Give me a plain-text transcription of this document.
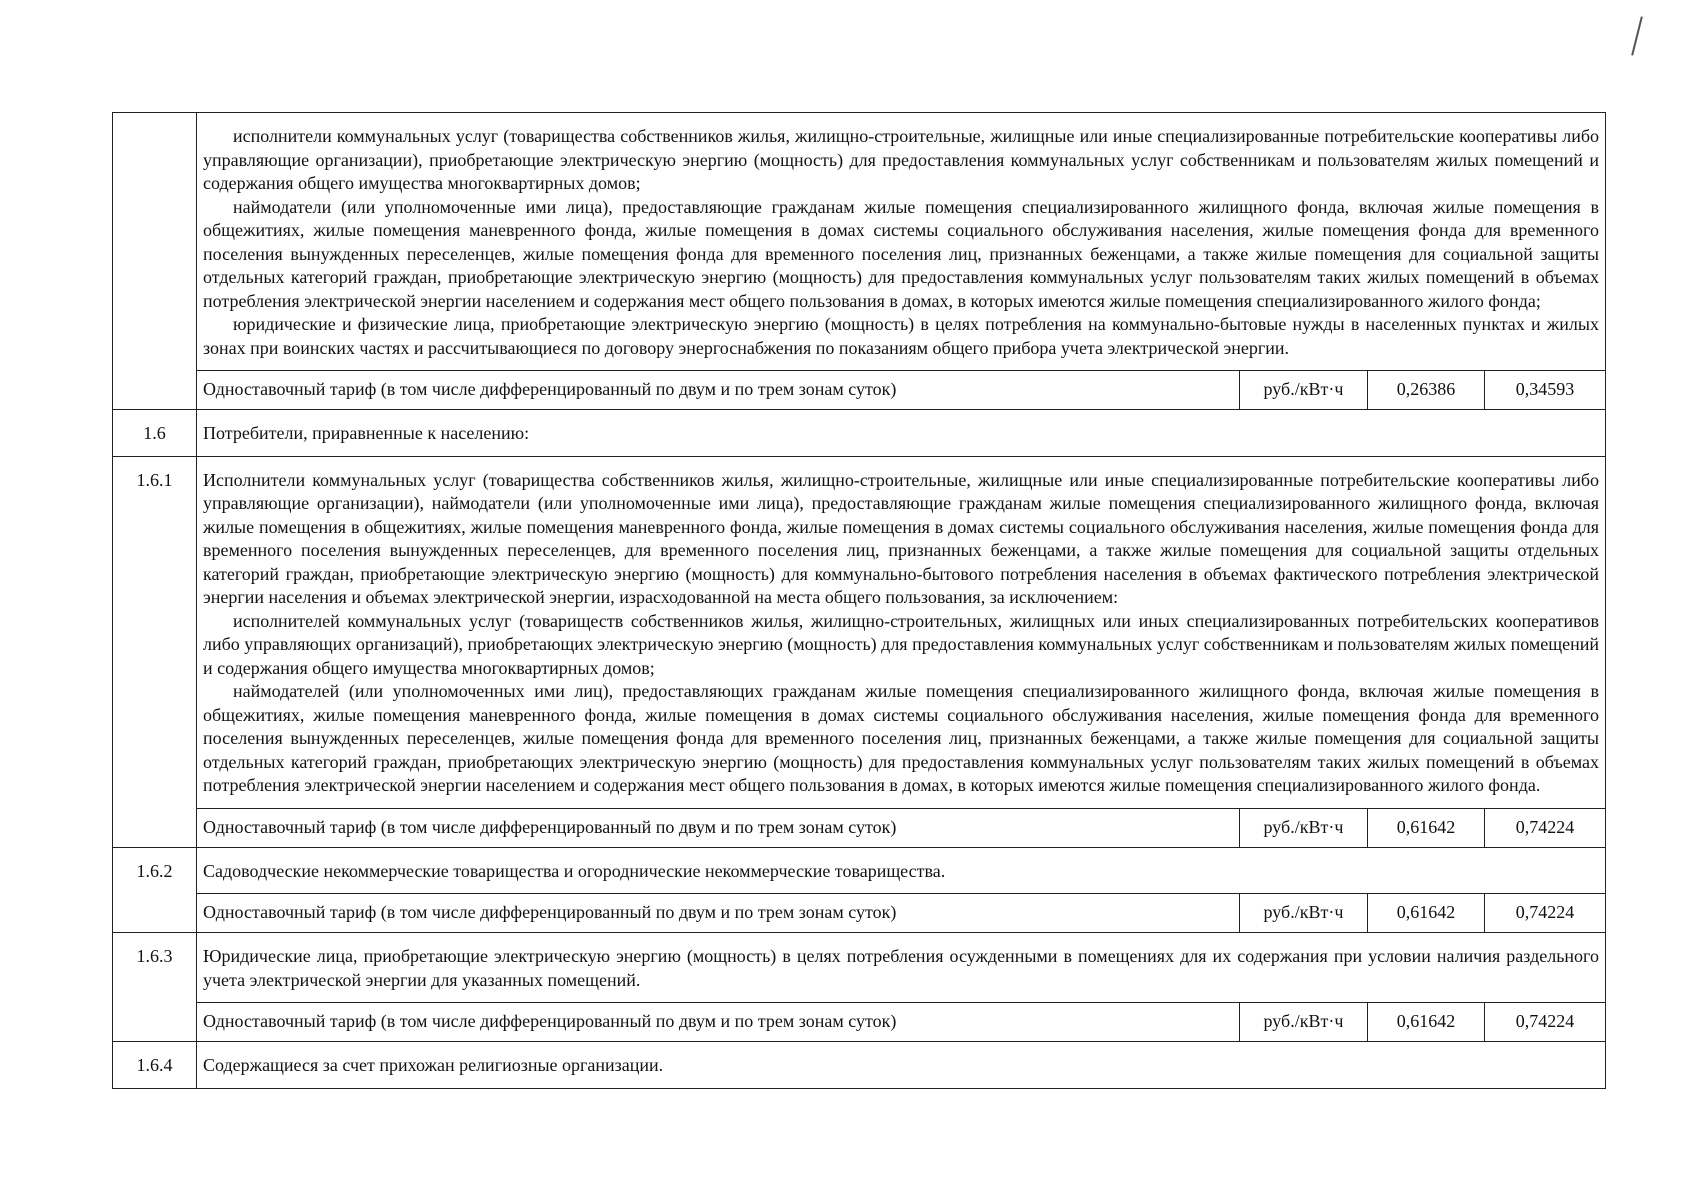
	исполнители коммунальных услуг (товарищества собственников жилья, жилищно-строительные, жилищные или иные специализированные потребительские кооперативы либо управляющие организации), приобретающие электрическую энергию (мощность) для предоставления коммунальных услуг собственникам и пользователям жилых помещений и содержания общего имущества многоквартирных домов;

наймодатели (или уполномоченные ими лица), предоставляющие гражданам жилые помещения специализированного жилищного фонда, включая жилые помещения в общежитиях, жилые помещения маневренного фонда, жилые помещения в домах системы социального обслуживания населения, жилые помещения фонда для временного поселения вынужденных переселенцев, жилые помещения фонда для временного поселения лиц, признанных беженцами, а также жилые помещения для социальной защиты отдельных категорий граждан, приобретающие электрическую энергию (мощность) для предоставления коммунальных услуг пользователям таких жилых помещений в объемах потребления электрической энергии населением и содержания мест общего пользования в домах, в которых имеются жилые помещения специализированного жилого фонда;

юридические и физические лица, приобретающие электрическую энергию (мощность) в целях потребления на коммунально-бытовые нужды в населенных пунктах и жилых зонах при воинских частях и рассчитывающиеся по договору энергоснабжения по показаниям общего прибора учета электрической энергии.			

	Одноставочный тариф (в том числе дифференцированный по двум и по трем зонам суток)	руб./кВт·ч	0,26386	0,34593
1.6	Потребители, приравненные к населению:			

1.6.1	Исполнители коммунальных услуг (товарищества собственников жилья, жилищно-строительные, жилищные или иные специализированные потребительские кооперативы либо управляющие организации), наймодатели (или уполномоченные ими лица), предоставляющие гражданам жилые помещения специализированного жилищного фонда, включая жилые помещения в общежитиях, жилые помещения маневренного фонда, жилые помещения в домах системы социального обслуживания населения, жилые помещения фонда для временного поселения вынужденных переселенцев, для временного поселения лиц, признанных беженцами, а также жилые помещения для социальной защиты отдельных категорий граждан, приобретающие электрическую энергию (мощность) для коммунально-бытового потребления населения в объемах фактического потребления электрической энергии населения и объемах электрической энергии, израсходованной на места общего пользования, за исключением:

исполнителей коммунальных услуг (товариществ собственников жилья, жилищно-строительных, жилищных или иных специализированных потребительских кооперативов либо управляющих организаций), приобретающих электрическую энергию (мощность) для предоставления коммунальных услуг собственникам и пользователям жилых помещений и содержания общего имущества многоквартирных домов;

наймодателей (или уполномоченных ими лиц), предоставляющих гражданам жилые помещения специализированного жилищного фонда, включая жилые помещения в общежитиях, жилые помещения маневренного фонда, жилые помещения в домах системы социального обслуживания населения, жилые помещения фонда для временного поселения вынужденных переселенцев, жилые помещения фонда для временного поселения лиц, признанных беженцами, а также жилые помещения для социальной защиты отдельных категорий граждан, приобретающих электрическую энергию (мощность) для предоставления коммунальных услуг пользователям таких жилых помещений в объемах потребления электрической энергии населением и содержания мест общего пользования в домах, в которых имеются жилые помещения специализированного жилого фонда.			

	Одноставочный тариф (в том числе дифференцированный по двум и по трем зонам суток)	руб./кВт·ч	0,61642	0,74224
1.6.2	Садоводческие некоммерческие товарищества и огороднические некоммерческие товарищества.			

	Одноставочный тариф (в том числе дифференцированный по двум и по трем зонам суток)	руб./кВт·ч	0,61642	0,74224
1.6.3	Юридические лица, приобретающие электрическую энергию (мощность) в целях потребления осужденными в помещениях для их содержания при условии наличия раздельного учета электрической энергии для указанных помещений.			

	Одноставочный тариф (в том числе дифференцированный по двум и по трем зонам суток)	руб./кВт·ч	0,61642	0,74224
1.6.4	Содержащиеся за счет прихожан религиозные организации.			
